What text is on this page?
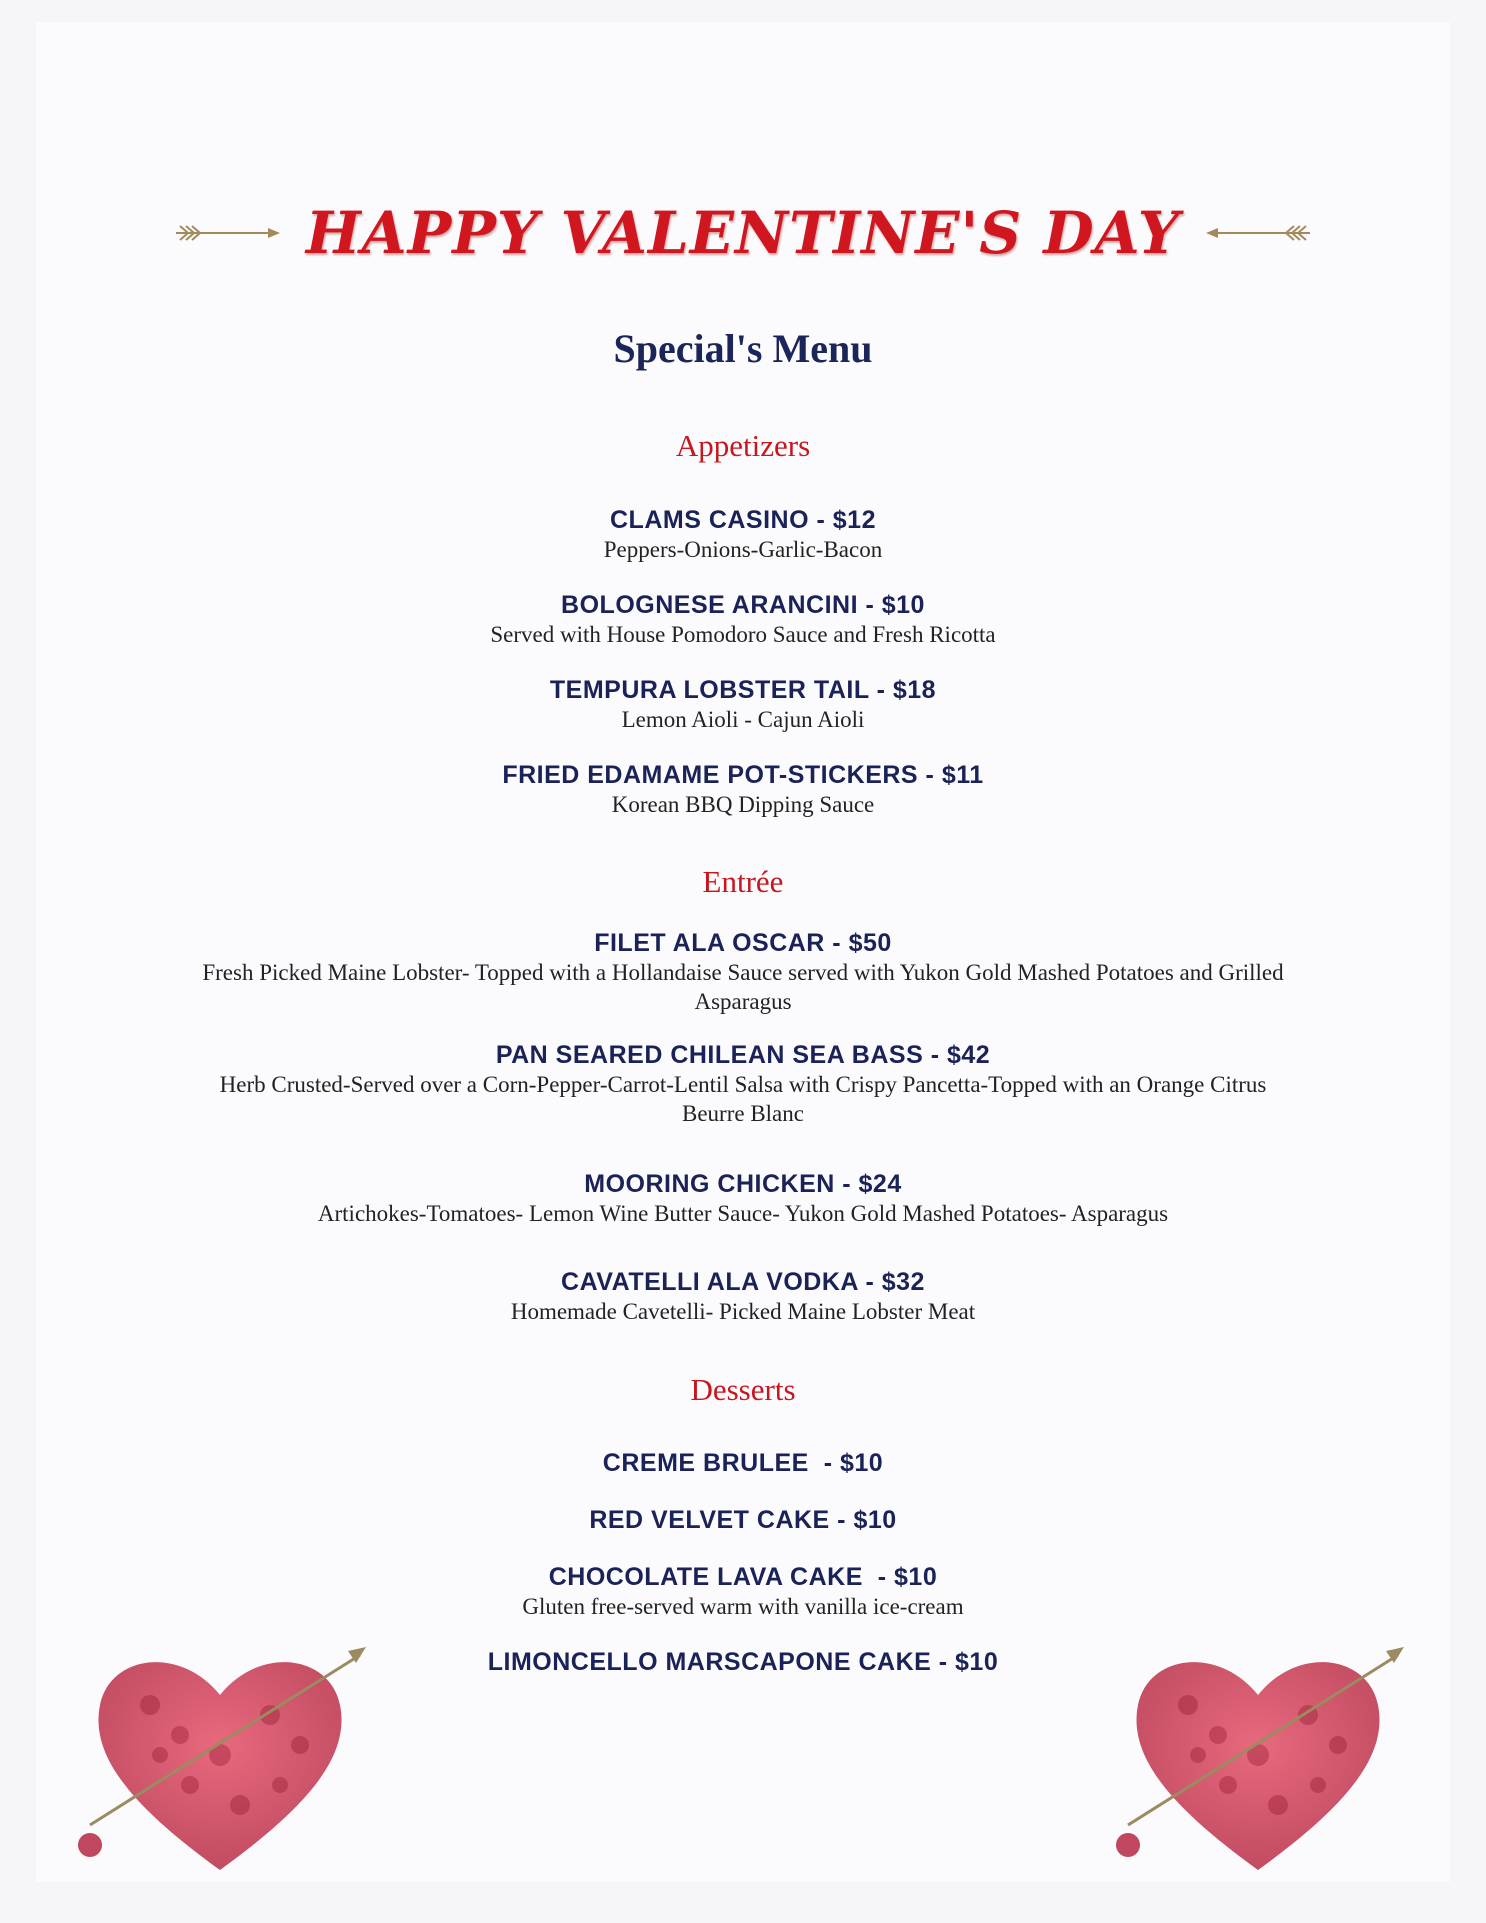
HAPPY VALENTINE'S DAY
Special's Menu
Appetizers
CLAMS CASINO - $12
Peppers-Onions-Garlic-Bacon
BOLOGNESE ARANCINI - $10
Served with House Pomodoro Sauce and Fresh Ricotta
TEMPURA LOBSTER TAIL - $18
Lemon Aioli - Cajun Aioli
FRIED EDAMAME POT-STICKERS - $11
Korean BBQ Dipping Sauce
Entrée
FILET ALA OSCAR - $50
Fresh Picked Maine Lobster- Topped with a Hollandaise Sauce served with Yukon Gold Mashed Potatoes and Grilled Asparagus
PAN SEARED CHILEAN SEA BASS - $42
Herb Crusted-Served over a Corn-Pepper-Carrot-Lentil Salsa with Crispy Pancetta-Topped with an Orange Citrus Beurre Blanc
MOORING CHICKEN - $24
Artichokes-Tomatoes- Lemon Wine Butter Sauce- Yukon Gold Mashed Potatoes- Asparagus
CAVATELLI ALA VODKA - $32
Homemade Cavetelli- Picked Maine Lobster Meat
Desserts
CREME BRULEE  - $10
RED VELVET CAKE - $10
CHOCOLATE LAVA CAKE  - $10
Gluten free-served warm with vanilla ice-cream
LIMONCELLO MARSCAPONE CAKE - $10
